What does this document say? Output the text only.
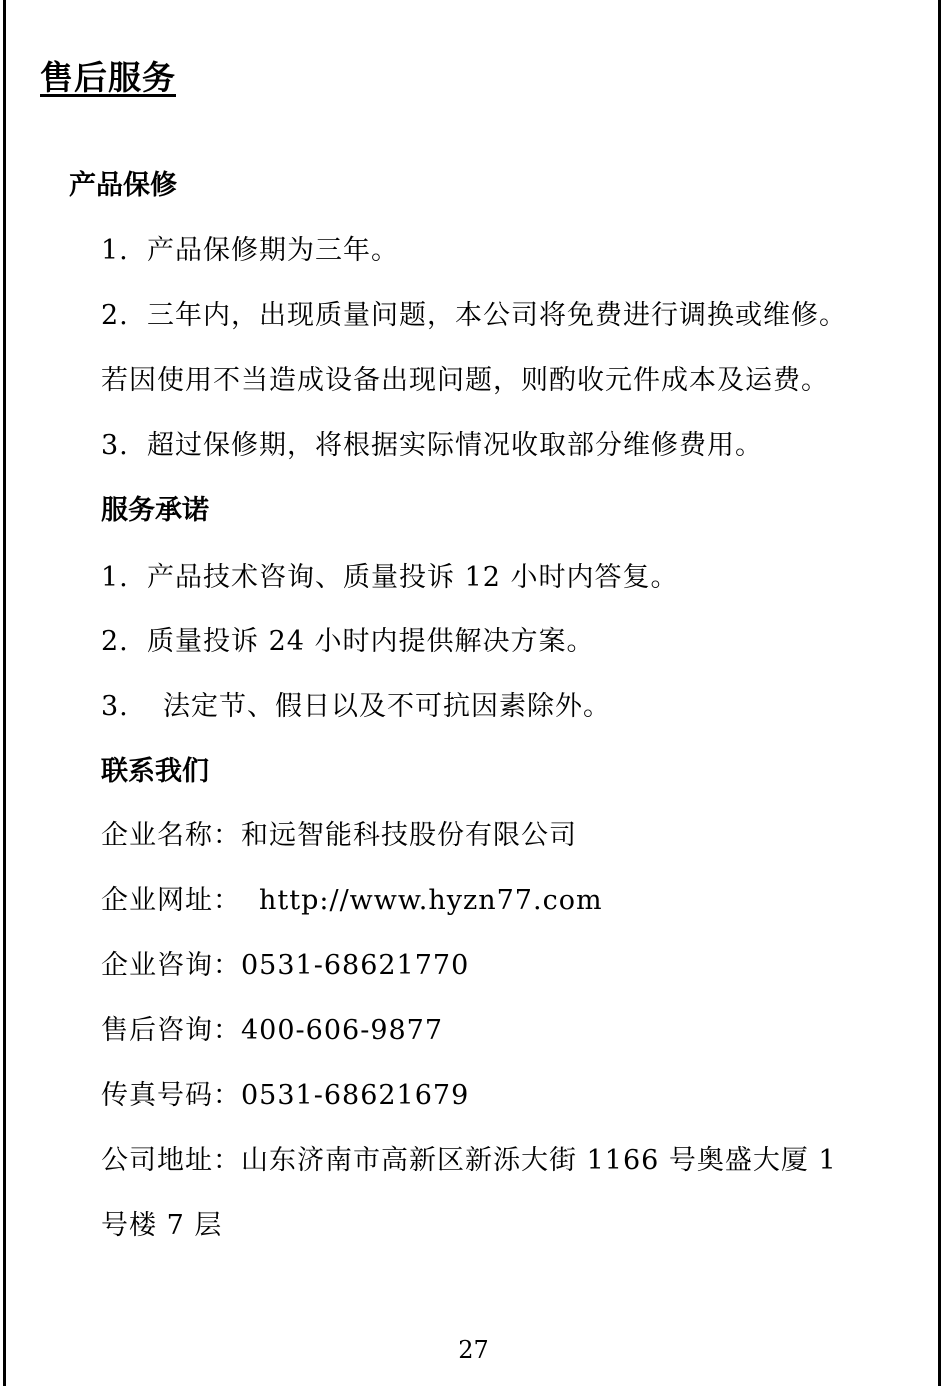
售后服务
产品保修
1. 产品保修期为三年。
2. 三年内，出现质量问题，本公司将免费进行调换或维修。
若因使用不当造成设备出现问题，则酌收元件成本及运费。
3. 超过保修期，将根据实际情况收取部分维修费用。
服务承诺
1. 产品技术咨询、质量投诉 12 小时内答复。
2. 质量投诉 24 小时内提供解决方案。
3. 法定节、假日以及不可抗因素除外。
联系我们
企业名称：和远智能科技股份有限公司
企业网址： http://www.hyzn77.com
企业咨询：0531-68621770
售后咨询：400-606-9877
传真号码：0531-68621679
公司地址：山东济南市高新区新泺大街 1166 号奥盛大厦 1
号楼 7 层
27
